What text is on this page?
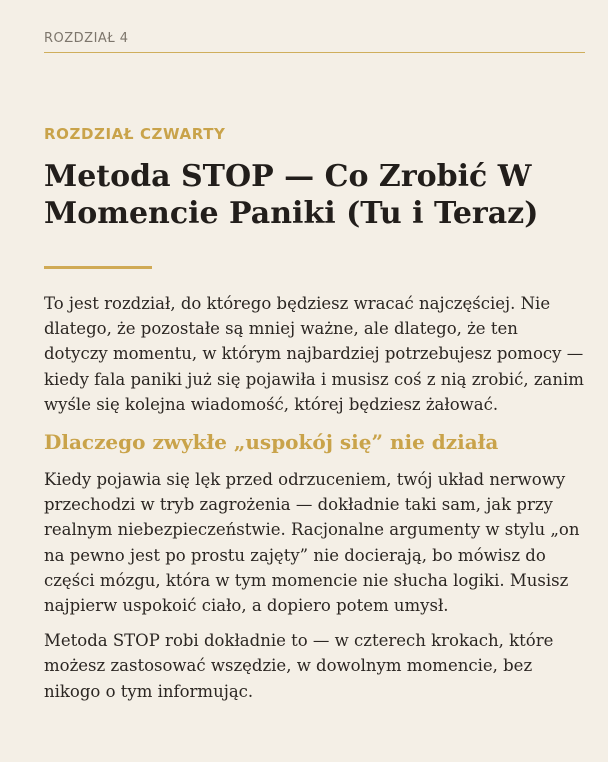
ROZDZIAŁ 4
ROZDZIAŁ CZWARTY
Metoda STOP — Co Zrobić W Momencie Paniki (Tu i Teraz)

To jest rozdział, do którego będziesz wracać najczęściej. Nie dlatego, że pozostałe są mniej ważne, ale dlatego, że ten dotyczy momentu, w którym najbardziej potrzebujesz pomocy — kiedy fala paniki już się pojawiła i musisz coś z nią zrobić, zanim wyśle się kolejna wiadomość, której będziesz żałować.

Dlaczego zwykłe „uspokój się” nie działa

Kiedy pojawia się lęk przed odrzuceniem, twój układ nerwowy przechodzi w tryb zagrożenia — dokładnie taki sam, jak przy realnym niebezpieczeństwie. Racjonalne argumenty w stylu „on na pewno jest po prostu zajęty” nie docierają, bo mówisz do części mózgu, która w tym momencie nie słucha logiki. Musisz najpierw uspokoić ciało, a dopiero potem umysł.

Metoda STOP robi dokładnie to — w czterech krokach, które możesz zastosować wszędzie, w dowolnym momencie, bez nikogo o tym informując.
